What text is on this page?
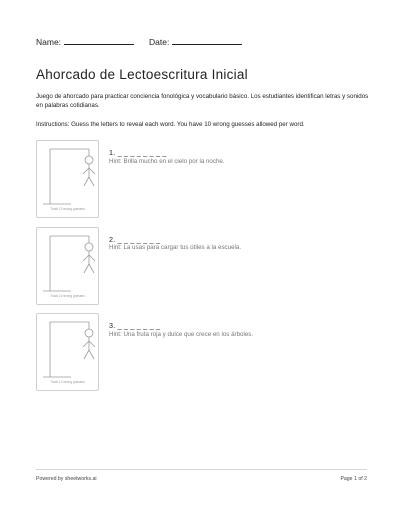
Name:	Date:
Ahorcado de Lectoescritura Inicial
Juego de ahorcado para practicar conciencia fonológica y vocabulario básico. Los estudiantes identifican letras y sonidos en palabras cotidianas.
Instructions: Guess the letters to reveal each word. You have 10 wrong guesses allowed per word.
Track 10 wrong guesses
1. _ _ _ _ _ _ _ _
Hint: Brilla mucho en el cielo por la noche.
Track 10 wrong guesses
2. _ _ _ _ _ _ _
Hint: La usas para cargar tus útiles a la escuela.
Track 10 wrong guesses
3. _ _ _ _ _ _ _
Hint: Una fruta roja y dulce que crece en los árboles.
Powered by sheetworks.ai	Page 1 of 2
